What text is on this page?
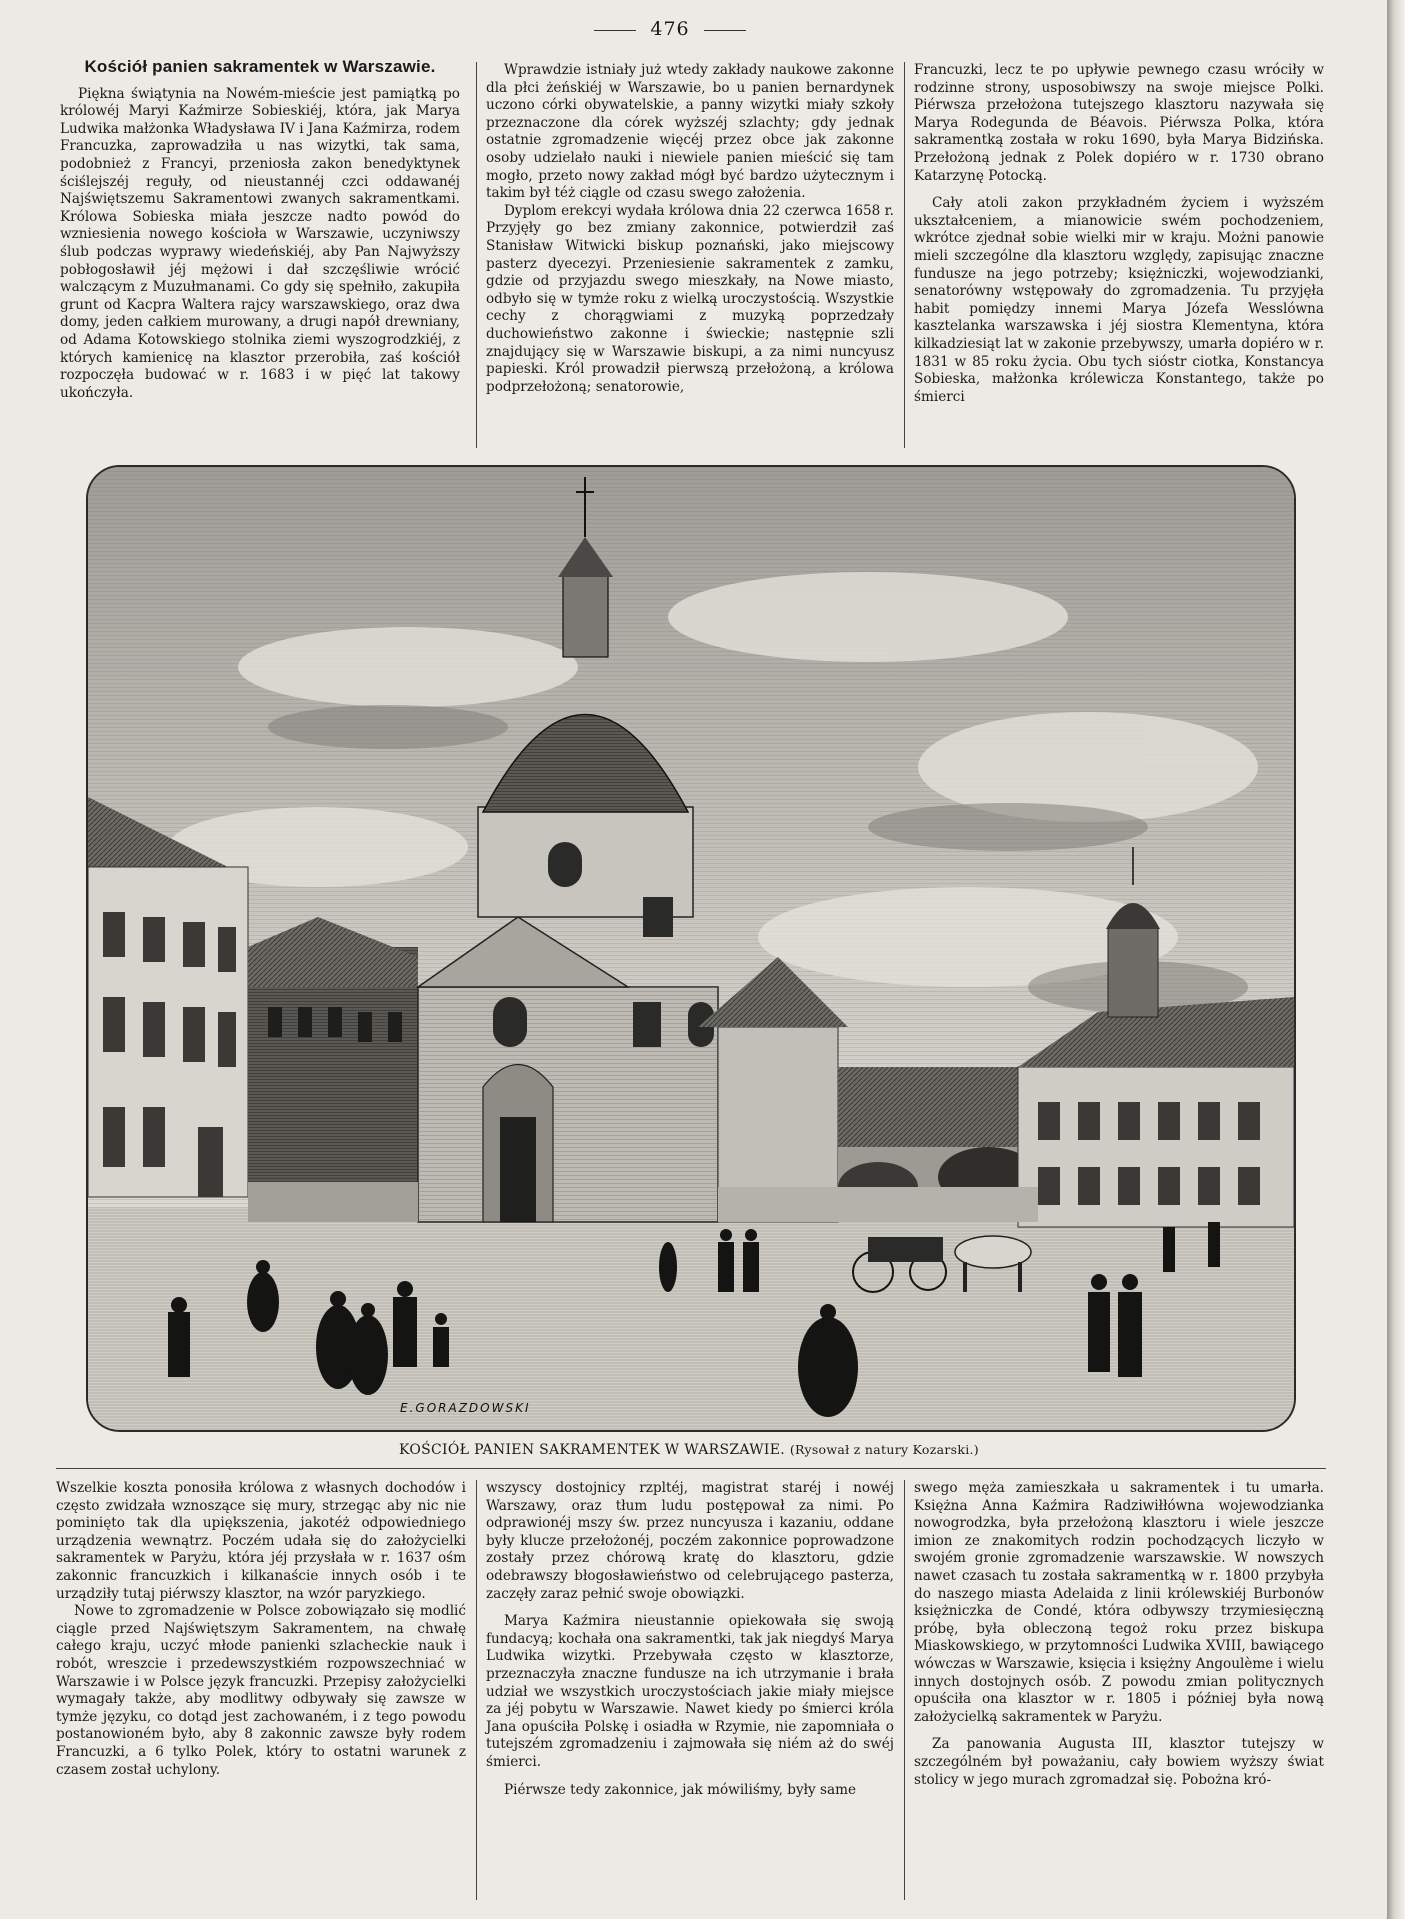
476
Kościół panien sakramentek w Warszawie.

Piękna świątynia na Nowém-mieście jest pamiątką po królowéj Maryi Kaźmirze Sobieskiéj, która, jak Marya Ludwika małżonka Władysława IV i Jana Kaźmirza, rodem Francuzka, zaprowadziła u nas wizytki, tak sama, podobnież z Francyi, przeniosła zakon benedyktynek ściślejszéj reguły, od nieustannéj czci oddawanéj Najświętszemu Sakramentowi zwanych sakramentkami. Królowa Sobieska miała jeszcze nadto powód do wzniesienia nowego kościoła w Warszawie, uczyniwszy ślub podczas wyprawy wiedeńskiéj, aby Pan Najwyższy pobłogosławił jéj mężowi i dał szczęśliwie wrócić walczącym z Muzułmanami. Co gdy się spełniło, zakupiła grunt od Kacpra Waltera rajcy warszawskiego, oraz dwa domy, jeden całkiem murowany, a drugi napół drewniany, od Adama Kotowskiego stolnika ziemi wyszogrodzkiéj, z których kamienicę na klasztor przerobiła, zaś kościół rozpoczęła budować w r. 1683 i w pięć lat takowy ukończyła.

Wprawdzie istniały już wtedy zakłady naukowe zakonne dla płci żeńskiéj w Warszawie, bo u panien bernardynek uczono córki obywatelskie, a panny wizytki miały szkoły przeznaczone dla córek wyższéj szlachty; gdy jednak ostatnie zgromadzenie więcéj przez obce jak zakonne osoby udzielało nauki i niewiele panien mieścić się tam mogło, przeto nowy zakład mógł być bardzo użytecznym i takim był téż ciągle od czasu swego założenia.

Dyplom erekcyi wydała królowa dnia 22 czerwca 1658 r. Przyjęły go bez zmiany zakonnice, potwierdził zaś Stanisław Witwicki biskup poznański, jako miejscowy pasterz dyecezyi. Przeniesienie sakramentek z zamku, gdzie od przyjazdu swego mieszkały, na Nowe miasto, odbyło się w tymże roku z wielką uroczystością. Wszystkie cechy z chorągwiami z muzyką poprzedzały duchowieństwo zakonne i świeckie; następnie szli znajdujący się w Warszawie biskupi, a za nimi nuncyusz papieski. Król prowadził pierwszą przełożoną, a królowa podprzełożoną; senatorowie,

Francuzki, lecz te po upływie pewnego czasu wróciły w rodzinne strony, usposobiwszy na swoje miejsce Polki. Piérwsza przełożona tutejszego klasztoru nazywała się Marya Rodegunda de Béavois. Piérwsza Polka, która sakramentką została w roku 1690, była Marya Bidzińska. Przełożoną jednak z Polek dopiéro w r. 1730 obrano Katarzynę Potocką.

Cały atoli zakon przykładném życiem i wyższém ukształceniem, a mianowicie swém pochodzeniem, wkrótce zjednał sobie wielki mir w kraju. Możni panowie mieli szczególne dla klasztoru względy, zapisując znaczne fundusze na jego potrzeby; księżniczki, wojewodzianki, senatorówny wstępowały do zgromadzenia. Tu przyjęła habit pomiędzy innemi Marya Józefa Wesslówna kasztelanka warszawska i jéj siostra Klementyna, która kilkadziesiąt lat w zakonie przebywszy, umarła dopiéro w r. 1831 w 85 roku życia. Obu tych sióstr ciotka, Konstancya Sobieska, małżonka królewicza Konstantego, także po śmierci

E.GORAZDOWSKI
KOŚCIÓŁ PANIEN SAKRAMENTEK W WARSZAWIE. (Rysował z natury Kozarski.)

Wszelkie koszta ponosiła królowa z własnych dochodów i często zwidzała wznoszące się mury, strzegąc aby nic nie pominięto tak dla upiększenia, jakotéż odpowiedniego urządzenia wewnątrz. Poczém udała się do założycielki sakramentek w Paryżu, która jéj przysłała w r. 1637 ośm zakonnic francuzkich i kilkanaście innych osób i te urządziły tutaj piérwszy klasztor, na wzór paryzkiego.

Nowe to zgromadzenie w Polsce zobowiązało się modlić ciągle przed Najświętszym Sakramentem, na chwałę całego kraju, uczyć młode panienki szlacheckie nauk i robót, wreszcie i przedewszystkiém rozpowszechniać w Warszawie i w Polsce język francuzki. Przepisy założycielki wymagały także, aby modlitwy odbywały się zawsze w tymże języku, co dotąd jest zachowaném, i z tego powodu postanowioném było, aby 8 zakonnic zawsze były rodem Francuzki, a 6 tylko Polek, który to ostatni warunek z czasem został uchylony.

wszyscy dostojnicy rzpltéj, magistrat staréj i nowéj Warszawy, oraz tłum ludu postępował za nimi. Po odprawionéj mszy św. przez nuncyusza i kazaniu, oddane były klucze przełożonéj, poczém zakonnice poprowadzone zostały przez chórową kratę do klasztoru, gdzie odebrawszy błogosławieństwo od celebrującego pasterza, zaczęły zaraz pełnić swoje obowiązki.

Marya Kaźmira nieustannie opiekowała się swoją fundacyą; kochała ona sakramentki, tak jak niegdyś Marya Ludwika wizytki. Przebywała często w klasztorze, przeznaczyła znaczne fundusze na ich utrzymanie i brała udział we wszystkich uroczystościach jakie miały miejsce za jéj pobytu w Warszawie. Nawet kiedy po śmierci króla Jana opuściła Polskę i osiadła w Rzymie, nie zapomniała o tutejszém zgromadzeniu i zajmowała się niém aż do swéj śmierci.

Piérwsze tedy zakonnice, jak mówiliśmy, były same

swego męża zamieszkała u sakramentek i tu umarła. Księżna Anna Kaźmira Radziwiłłówna wojewodzianka nowogrodzka, była przełożoną klasztoru i wiele jeszcze imion ze znakomitych rodzin pochodzących liczyło w swojém gronie zgromadzenie warszawskie. W nowszych nawet czasach tu została sakramentką w r. 1800 przybyła do naszego miasta Adelaida z linii królewskiéj Burbonów księżniczka de Condé, która odbywszy trzymiesięczną próbę, była obleczoną tegoż roku przez biskupa Miaskowskiego, w przytomności Ludwika XVIII, bawiącego wówczas w Warszawie, księcia i księżny Angoulème i wielu innych dostojnych osób. Z powodu zmian politycznych opuściła ona klasztor w r. 1805 i później była nową założycielką sakramentek w Paryżu.

Za panowania Augusta III, klasztor tutejszy w szczególném był poważaniu, cały bowiem wyższy świat stolicy w jego murach zgromadzał się. Pobożna kró-
